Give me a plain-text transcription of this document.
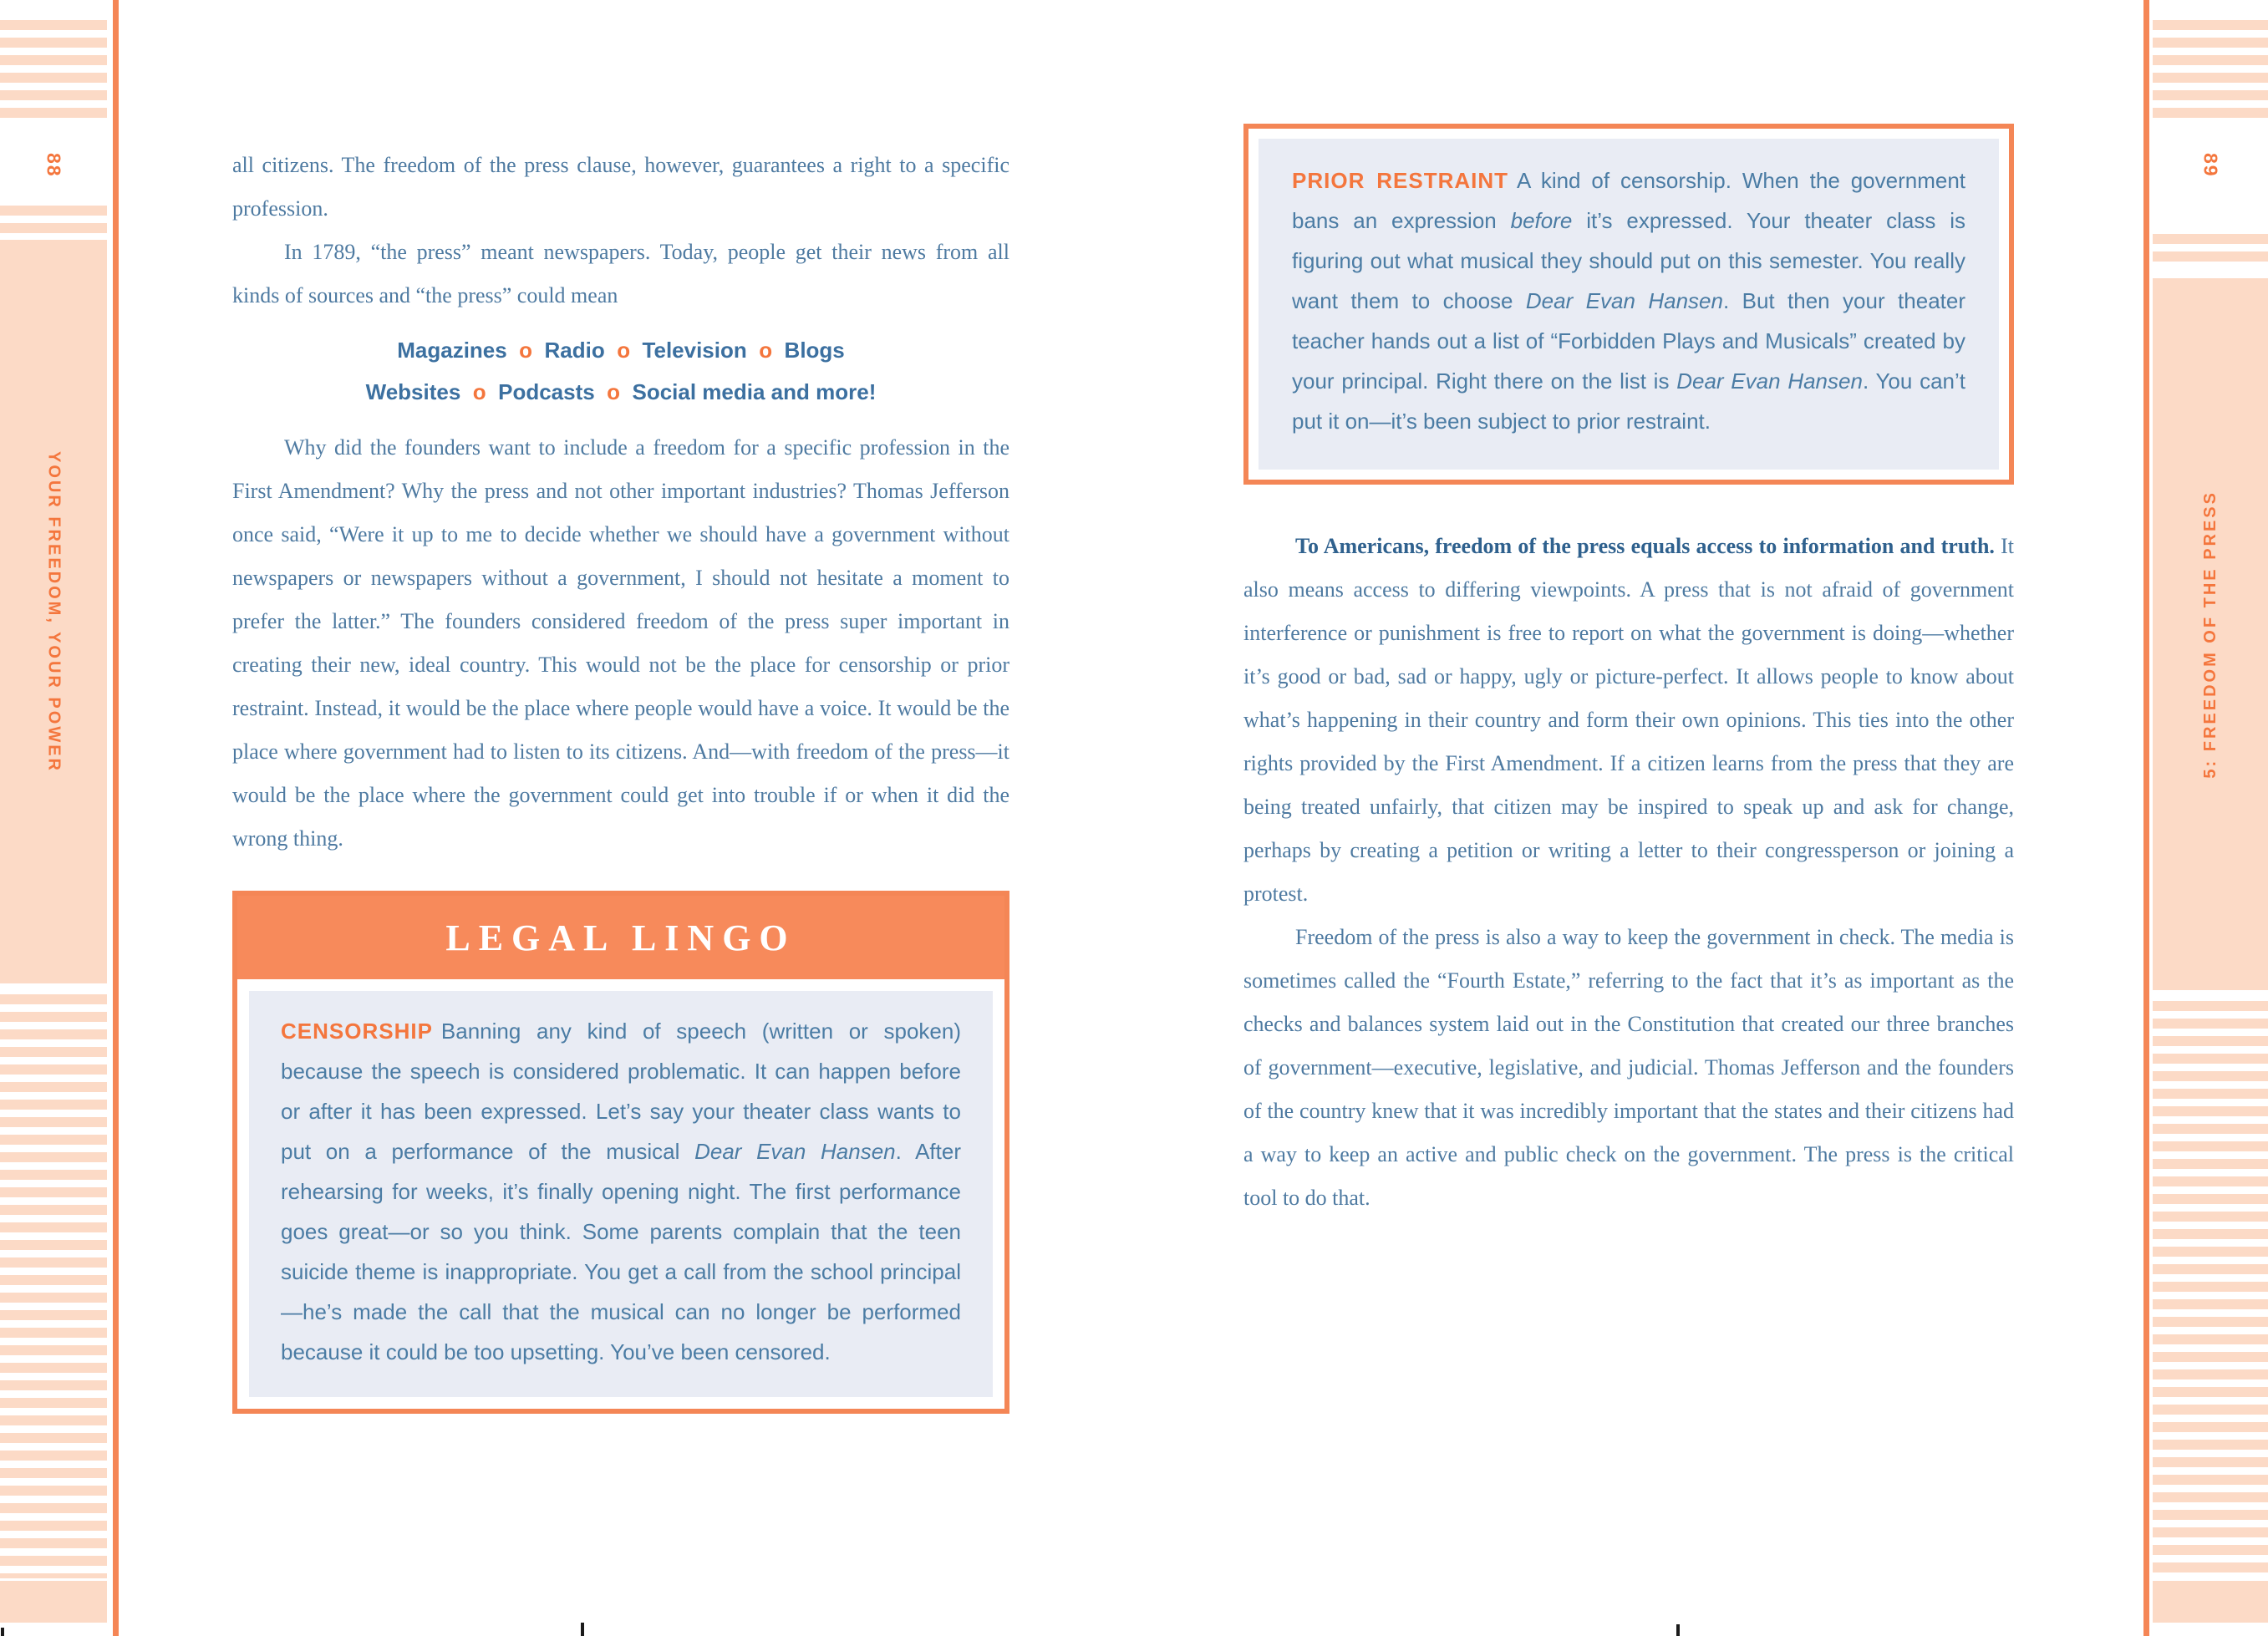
88
YOUR FREEDOM, YOUR POWER
89
5: FREEDOM OF THE PRESS

all citizens. The freedom of the press clause, however, guarantees a right to a specific profession.

In 1789, “the press” meant newspapers. Today, people get their news from all kinds of sources and “the press” could mean

Magazines  o  Radio  o  Television  o  Blogs
Websites  o  Podcasts  o  Social media and more!

Why did the founders want to include a freedom for a specific profession in the First Amendment? Why the press and not other important industries? Thomas Jefferson once said, “Were it up to me to decide whether we should have a government without newspapers or newspapers without a government, I should not hesitate a moment to prefer the latter.” The founders considered freedom of the press super important in creating their new, ideal country. This would not be the place for censorship or prior restraint. Instead, it would be the place where people would have a voice. It would be the place where government had to listen to its citizens. And—with freedom of the press—it would be the place where the government could get into trouble if or when it did the wrong thing.

LEGAL LINGO
CENSORSHIP Banning any kind of speech (written or spoken) because the speech is considered problematic. It can happen before or after it has been expressed. Let’s say your theater class wants to put on a performance of the musical Dear Evan Hansen. After rehearsing for weeks, it’s finally opening night. The first performance goes great—or so you think. Some parents complain that the teen suicide theme is inappropriate. You get a call from the school principal—he’s made the call that the musical can no longer be performed because it could be too upsetting. You’ve been censored.
PRIOR RESTRAINT A kind of censorship. When the government bans an expression before it’s expressed. Your theater class is figuring out what musical they should put on this semester. You really want them to choose Dear Evan Hansen. But then your theater teacher hands out a list of “Forbidden Plays and Musicals” created by your principal. Right there on the list is Dear Evan Hansen. You can’t put it on—it’s been subject to prior restraint.

To Americans, freedom of the press equals access to information and truth. It also means access to differing viewpoints. A press that is not afraid of government interference or punishment is free to report on what the government is doing—whether it’s good or bad, sad or happy, ugly or picture-perfect. It allows people to know about what’s happening in their country and form their own opinions. This ties into the other rights provided by the First Amendment. If a citizen learns from the press that they are being treated unfairly, that citizen may be inspired to speak up and ask for change, perhaps by creating a petition or writing a letter to their congressperson or joining a protest.

Freedom of the press is also a way to keep the government in check. The media is sometimes called the “Fourth Estate,” referring to the fact that it’s as important as the checks and balances system laid out in the Constitution that created our three branches of government—executive, legislative, and judicial. Thomas Jefferson and the founders of the country knew that it was incredibly important that the states and their citizens had a way to keep an active and public check on the government. The press is the critical tool to do that.
